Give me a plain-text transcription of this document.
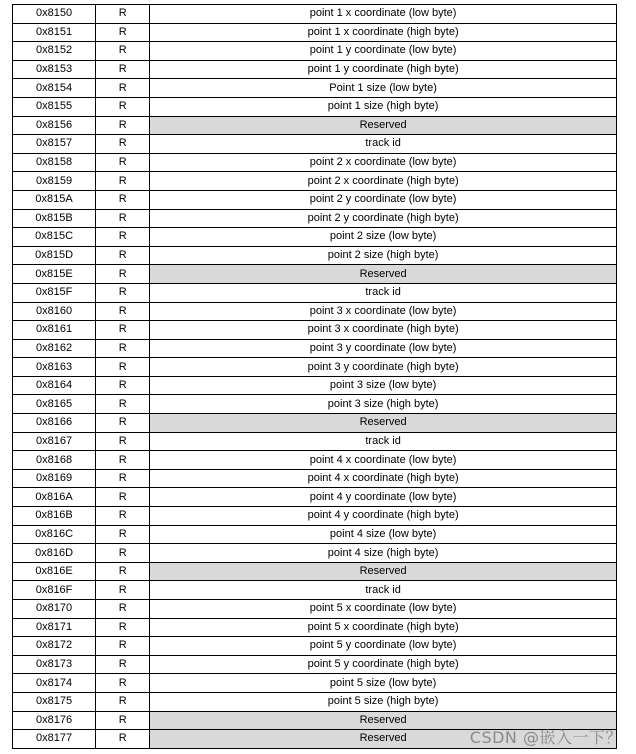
0x8150	R	point 1 x coordinate (low byte)
0x8151	R	point 1 x coordinate (high byte)
0x8152	R	point 1 y coordinate (low byte)
0x8153	R	point 1 y coordinate (high byte)
0x8154	R	Point 1 size (low byte)
0x8155	R	point 1 size (high byte)
0x8156	R	Reserved
0x8157	R	track id
0x8158	R	point 2 x coordinate (low byte)
0x8159	R	point 2 x coordinate (high byte)
0x815A	R	point 2 y coordinate (low byte)
0x815B	R	point 2 y coordinate (high byte)
0x815C	R	point 2 size (low byte)
0x815D	R	point 2 size (high byte)
0x815E	R	Reserved
0x815F	R	track id
0x8160	R	point 3 x coordinate (low byte)
0x8161	R	point 3 x coordinate (high byte)
0x8162	R	point 3 y coordinate (low byte)
0x8163	R	point 3 y coordinate (high byte)
0x8164	R	point 3 size (low byte)
0x8165	R	point 3 size (high byte)
0x8166	R	Reserved
0x8167	R	track id
0x8168	R	point 4 x coordinate (low byte)
0x8169	R	point 4 x coordinate (high byte)
0x816A	R	point 4 y coordinate (low byte)
0x816B	R	point 4 y coordinate (high byte)
0x816C	R	point 4 size (low byte)
0x816D	R	point 4 size (high byte)
0x816E	R	Reserved
0x816F	R	track id
0x8170	R	point 5 x coordinate (low byte)
0x8171	R	point 5 x coordinate (high byte)
0x8172	R	point 5 y coordinate (low byte)
0x8173	R	point 5 y coordinate (high byte)
0x8174	R	point 5 size (low byte)
0x8175	R	point 5 size (high byte)
0x8176	R	Reserved
0x8177	R	Reserved	CSDN @嵌入一下？
